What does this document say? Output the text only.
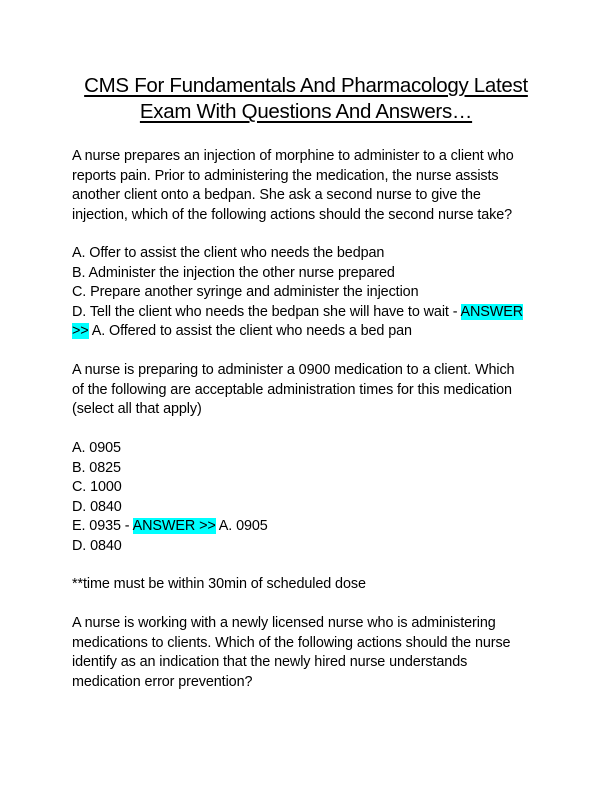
CMS For Fundamentals And Pharmacology Latest
Exam With Questions And Answers…
A nurse prepares an injection of morphine to administer to a client who
reports pain. Prior to administering the medication, the nurse assists
another client onto a bedpan. She ask a second nurse to give the
injection, which of the following actions should the second nurse take?
A. Offer to assist the client who needs the bedpan
B. Administer the injection the other nurse prepared
C. Prepare another syringe and administer the injection
D. Tell the client who needs the bedpan she will have to wait - ANSWER
>> A. Offered to assist the client who needs a bed pan
A nurse is preparing to administer a 0900 medication to a client. Which
of the following are acceptable administration times for this medication
(select all that apply)
A. 0905
B. 0825
C. 1000
D. 0840
E. 0935 - ANSWER >> A. 0905
D. 0840
**time must be within 30min of scheduled dose
A nurse is working with a newly licensed nurse who is administering
medications to clients. Which of the following actions should the nurse
identify as an indication that the newly hired nurse understands
medication error prevention?
